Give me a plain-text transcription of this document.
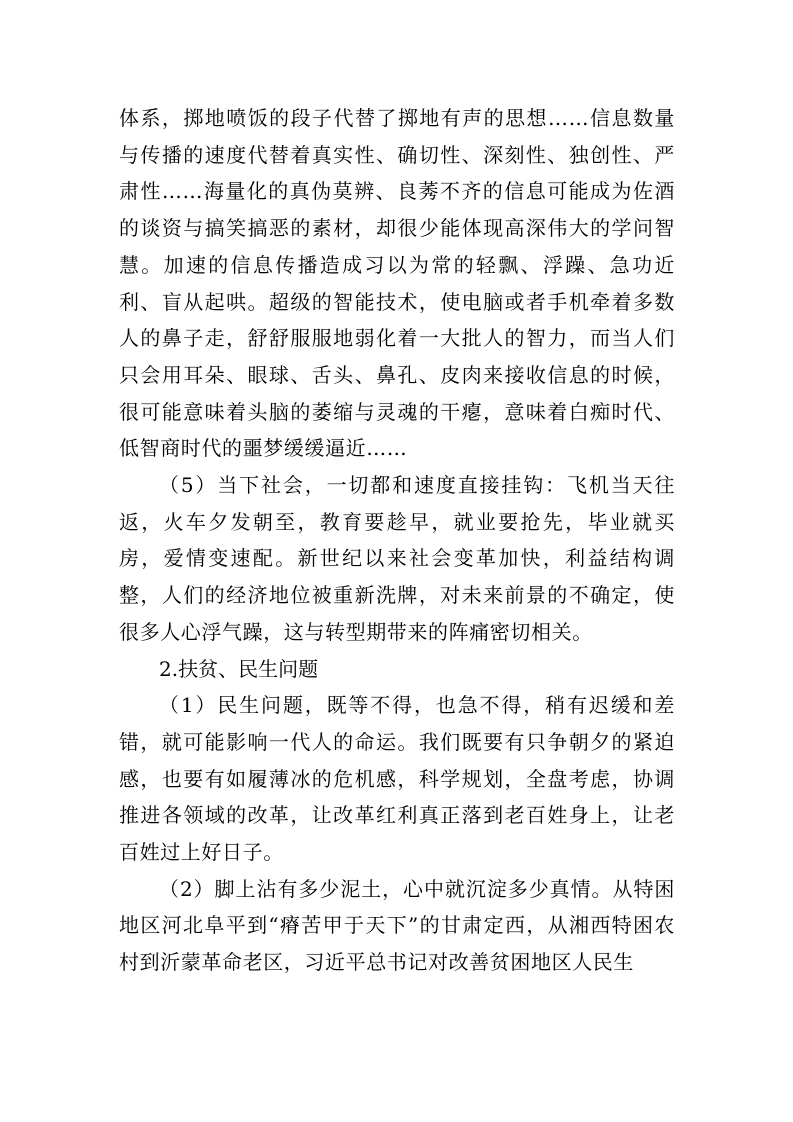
体系，掷地喷饭的段子代替了掷地有声的思想……信息数量与传播的速度代替着真实性、确切性、深刻性、独创性、严肃性……海量化的真伪莫辨、良莠不齐的信息可能成为佐酒的谈资与搞笑搞恶的素材，却很少能体现高深伟大的学问智慧。加速的信息传播造成习以为常的轻飘、浮躁、急功近利、盲从起哄。超级的智能技术，使电脑或者手机牵着多数人的鼻子走，舒舒服服地弱化着一大批人的智力，而当人们只会用耳朵、眼球、舌头、鼻孔、皮肉来接收信息的时候，很可能意味着头脑的萎缩与灵魂的干瘪，意味着白痴时代、低智商时代的噩梦缓缓逼近……

（5）当下社会，一切都和速度直接挂钩：飞机当天往返，火车夕发朝至，教育要趁早，就业要抢先，毕业就买房，爱情变速配。新世纪以来社会变革加快，利益结构调整，人们的经济地位被重新洗牌，对未来前景的不确定，使很多人心浮气躁，这与转型期带来的阵痛密切相关。

2.扶贫、民生问题

（1）民生问题，既等不得，也急不得，稍有迟缓和差错，就可能影响一代人的命运。我们既要有只争朝夕的紧迫感，也要有如履薄冰的危机感，科学规划，全盘考虑，协调推进各领域的改革，让改革红利真正落到老百姓身上，让老百姓过上好日子。

（2）脚上沾有多少泥土，心中就沉淀多少真情。从特困地区河北阜平到“瘠苦甲于天下”的甘肃定西，从湘西特困农村到沂蒙革命老区，习近平总书记对改善贫困地区人民生
